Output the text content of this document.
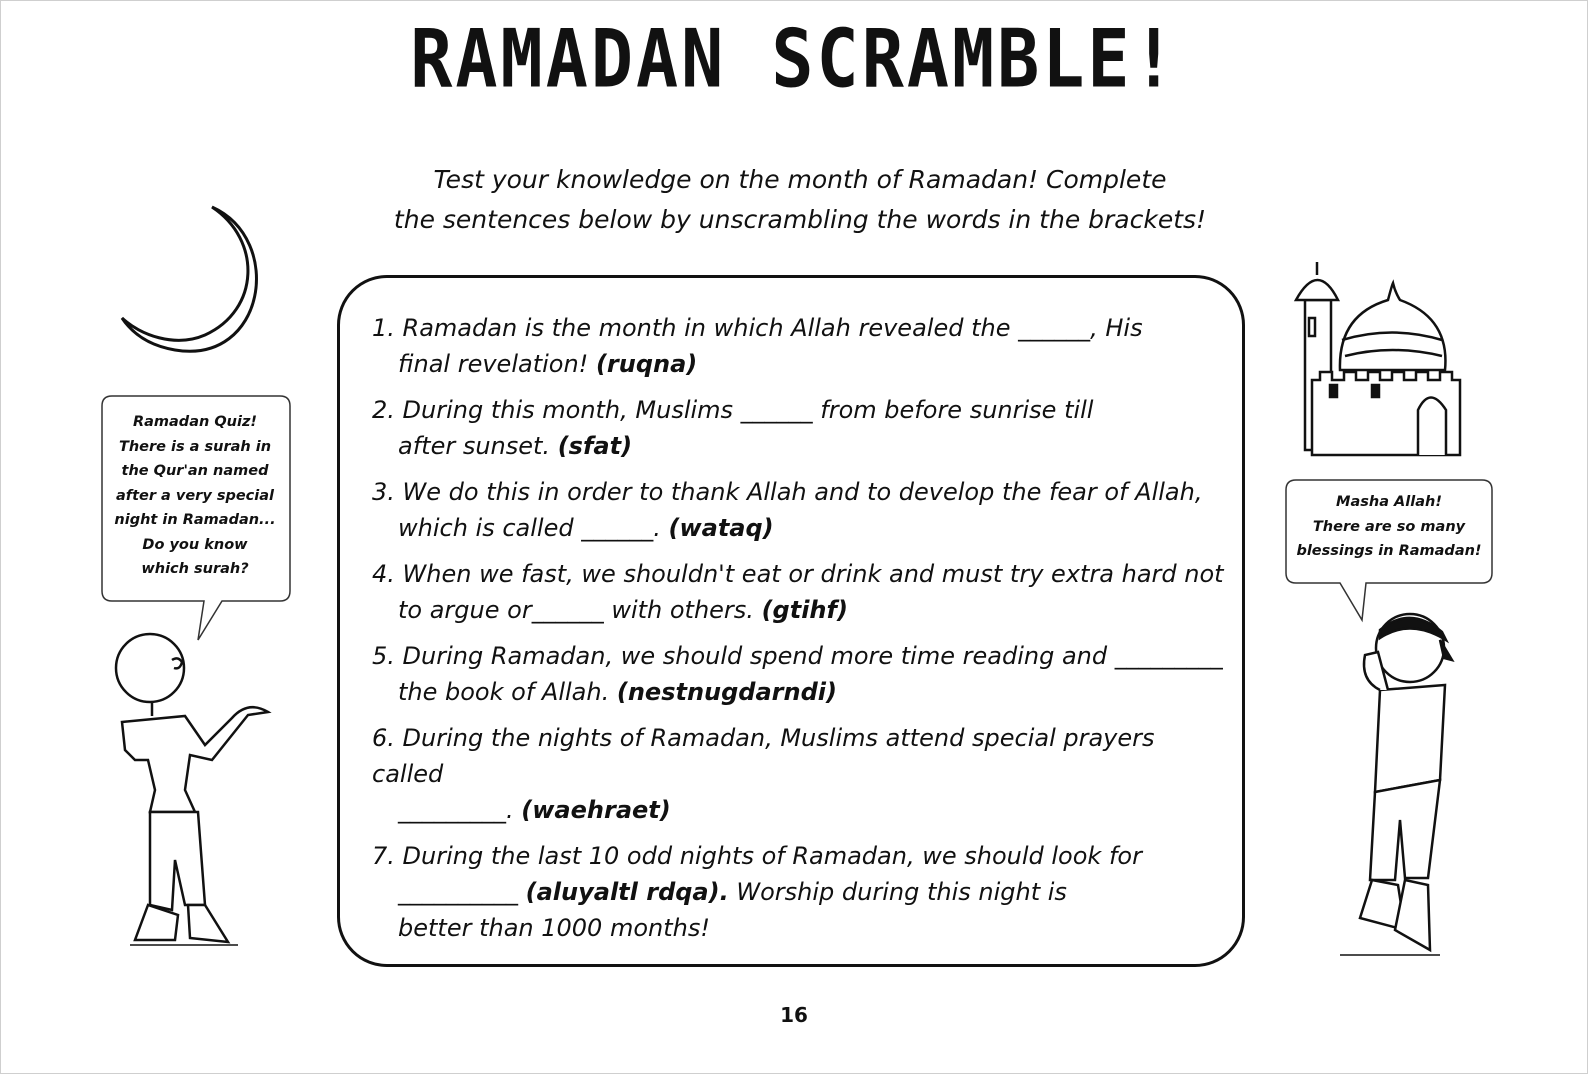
RAMADAN SCRAMBLE!
Test your knowledge on the month of Ramadan! Complete
the sentences below by unscrambling the words in the brackets!
1. Ramadan is the month in which Allah revealed the ______, His
final revelation! (ruqna)
2. During this month, Muslims ______ from before sunrise till
after sunset. (sfat)
3. We do this in order to thank Allah and to develop the fear of Allah,
which is called ______. (wataq)
4. When we fast, we shouldn't eat or drink and must try extra hard not
to argue or______ with others. (gtihf)
5. During Ramadan, we should spend more time reading and _________
the book of Allah. (nestnugdarndi)
6. During the nights of Ramadan, Muslims attend special prayers called
_________. (waehraet)
7. During the last 10 odd nights of Ramadan, we should look for
__________ (aluyaltl rdqa). Worship during this night is
better than 1000 months!
Ramadan Quiz!
There is a surah in
the Qur'an named
after a very special
night in Ramadan...
Do you know
which surah?
Masha Allah!
There are so many
blessings in Ramadan!
16
